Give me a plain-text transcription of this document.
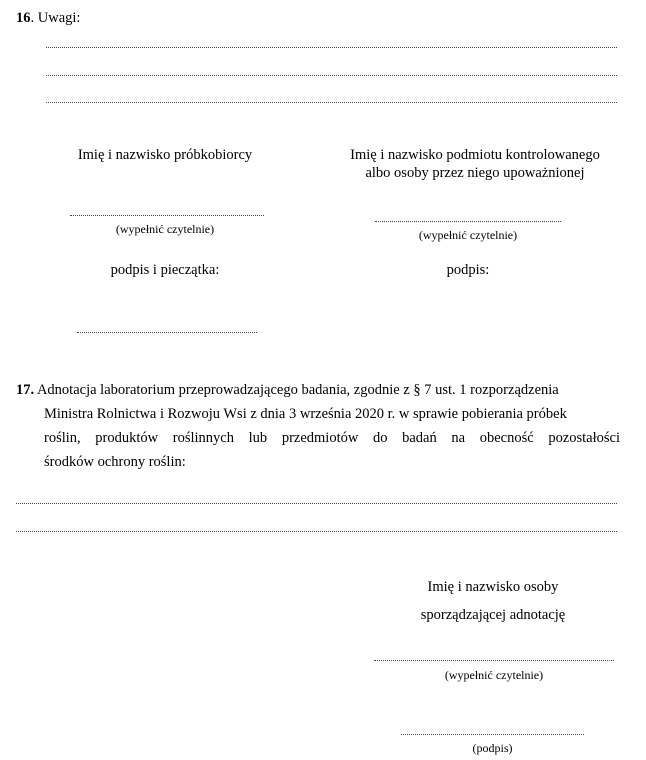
16. Uwagi:
Imię i nazwisko próbkobiorcy
(wypełnić czytelnie)
podpis i pieczątka:
Imię i nazwisko podmiotu kontrolowanego
albo osoby przez niego upoważnionej
(wypełnić czytelnie)
podpis:
17. Adnotacja laboratorium przeprowadzającego badania, zgodnie z § 7 ust. 1 rozporządzenia
Ministra Rolnictwa i Rozwoju Wsi z dnia 3 września 2020 r. w sprawie pobierania próbek
roślin, produktów roślinnych lub przedmiotów do badań na obecność pozostałości
środków ochrony roślin:
Imię i nazwisko osoby
sporządzającej adnotację
(wypełnić czytelnie)
(podpis)
